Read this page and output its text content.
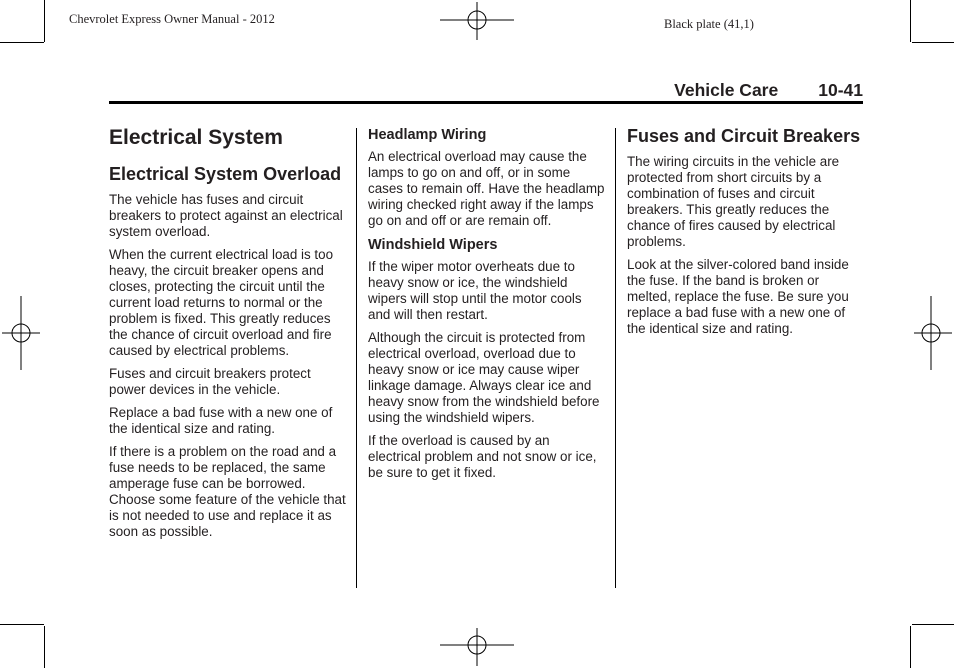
Chevrolet Express Owner Manual - 2012	Black plate (41,1)
Vehicle Care 10-41
Electrical System
Electrical System Overload

The vehicle has fuses and circuit breakers to protect against an electrical system overload.

When the current electrical load is too heavy, the circuit breaker opens and closes, protecting the circuit until the current load returns to normal or the problem is fixed. This greatly reduces the chance of circuit overload and fire caused by electrical problems.

Fuses and circuit breakers protect power devices in the vehicle.

Replace a bad fuse with a new one of the identical size and rating.

If there is a problem on the road and a fuse needs to be replaced, the same amperage fuse can be borrowed. Choose some feature of the vehicle that is not needed to use and replace it as soon as possible.

Headlamp Wiring

An electrical overload may cause the lamps to go on and off, or in some cases to remain off. Have the headlamp wiring checked right away if the lamps go on and off or are remain off.

Windshield Wipers

If the wiper motor overheats due to heavy snow or ice, the windshield wipers will stop until the motor cools and will then restart.

Although the circuit is protected from electrical overload, overload due to heavy snow or ice may cause wiper linkage damage. Always clear ice and heavy snow from the windshield before using the windshield wipers.

If the overload is caused by an electrical problem and not snow or ice, be sure to get it fixed.

Fuses and Circuit Breakers

The wiring circuits in the vehicle are protected from short circuits by a combination of fuses and circuit breakers. This greatly reduces the chance of fires caused by electrical problems.

Look at the silver-colored band inside the fuse. If the band is broken or melted, replace the fuse. Be sure you replace a bad fuse with a new one of the identical size and rating.
